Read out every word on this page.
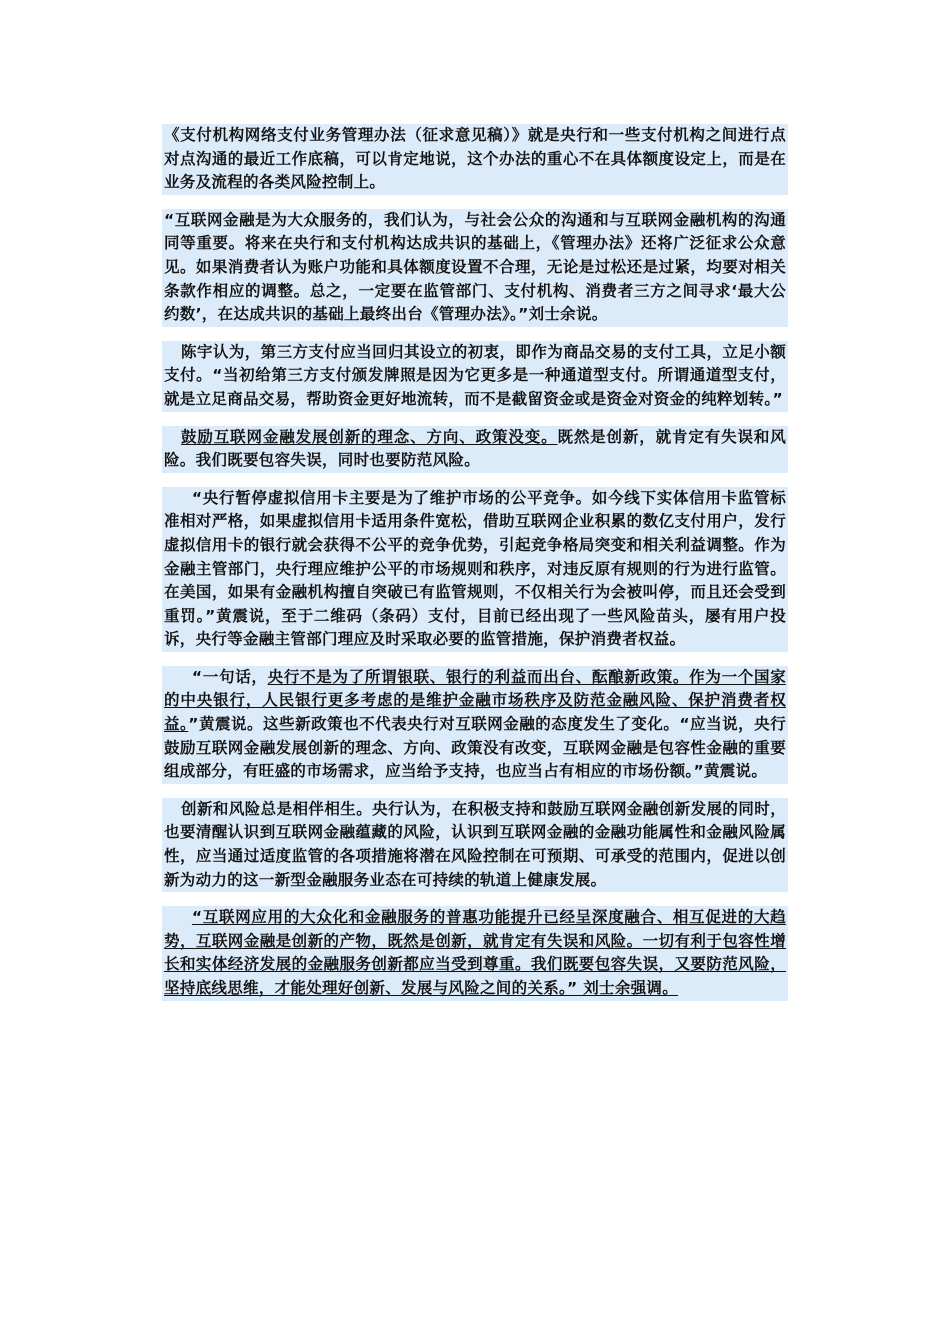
《支付机构网络支付业务管理办法（征求意见稿）》就是央行和一些支付机构之间进行点对点沟通的最近工作底稿，可以肯定地说，这个办法的重心不在具体额度设定上，而是在业务及流程的各类风险控制上。

“互联网金融是为大众服务的，我们认为，与社会公众的沟通和与互联网金融机构的沟通同等重要。将来在央行和支付机构达成共识的基础上，《管理办法》还将广泛征求公众意见。如果消费者认为账户功能和具体额度设置不合理，无论是过松还是过紧，均要对相关条款作相应的调整。总之，一定要在监管部门、支付机构、消费者三方之间寻求‘最大公约数’，在达成共识的基础上最终出台《管理办法》。”刘士余说。

陈宇认为，第三方支付应当回归其设立的初衷，即作为商品交易的支付工具，立足小额支付。“当初给第三方支付颁发牌照是因为它更多是一种通道型支付。所谓通道型支付，就是立足商品交易，帮助资金更好地流转，而不是截留资金或是资金对资金的纯粹划转。”

鼓励互联网金融发展创新的理念、方向、政策没变。既然是创新，就肯定有失误和风险。我们既要包容失误，同时也要防范风险。

“央行暂停虚拟信用卡主要是为了维护市场的公平竞争。如今线下实体信用卡监管标准相对严格，如果虚拟信用卡适用条件宽松，借助互联网企业积累的数亿支付用户，发行虚拟信用卡的银行就会获得不公平的竞争优势，引起竞争格局突变和相关利益调整。作为金融主管部门，央行理应维护公平的市场规则和秩序，对违反原有规则的行为进行监管。在美国，如果有金融机构擅自突破已有监管规则，不仅相关行为会被叫停，而且还会受到重罚。”黄震说，至于二维码（条码）支付，目前已经出现了一些风险苗头，屡有用户投诉，央行等金融主管部门理应及时采取必要的监管措施，保护消费者权益。

“一句话，央行不是为了所谓银联、银行的利益而出台、酝酿新政策。作为一个国家的中央银行，人民银行更多考虑的是维护金融市场秩序及防范金融风险、保护消费者权益。”黄震说。这些新政策也不代表央行对互联网金融的态度发生了变化。“应当说，央行鼓励互联网金融发展创新的理念、方向、政策没有改变，互联网金融是包容性金融的重要组成部分，有旺盛的市场需求，应当给予支持，也应当占有相应的市场份额。”黄震说。

创新和风险总是相伴相生。央行认为，在积极支持和鼓励互联网金融创新发展的同时，也要清醒认识到互联网金融蕴藏的风险，认识到互联网金融的金融功能属性和金融风险属性，应当通过适度监管的各项措施将潜在风险控制在可预期、可承受的范围内，促进以创新为动力的这一新型金融服务业态在可持续的轨道上健康发展。

“互联网应用的大众化和金融服务的普惠功能提升已经呈深度融合、相互促进的大趋势，互联网金融是创新的产物，既然是创新，就肯定有失误和风险。一切有利于包容性增长和实体经济发展的金融服务创新都应当受到尊重。我们既要包容失误，又要防范风险，坚持底线思维，才能处理好创新、发展与风险之间的关系。” 刘士余强调。
